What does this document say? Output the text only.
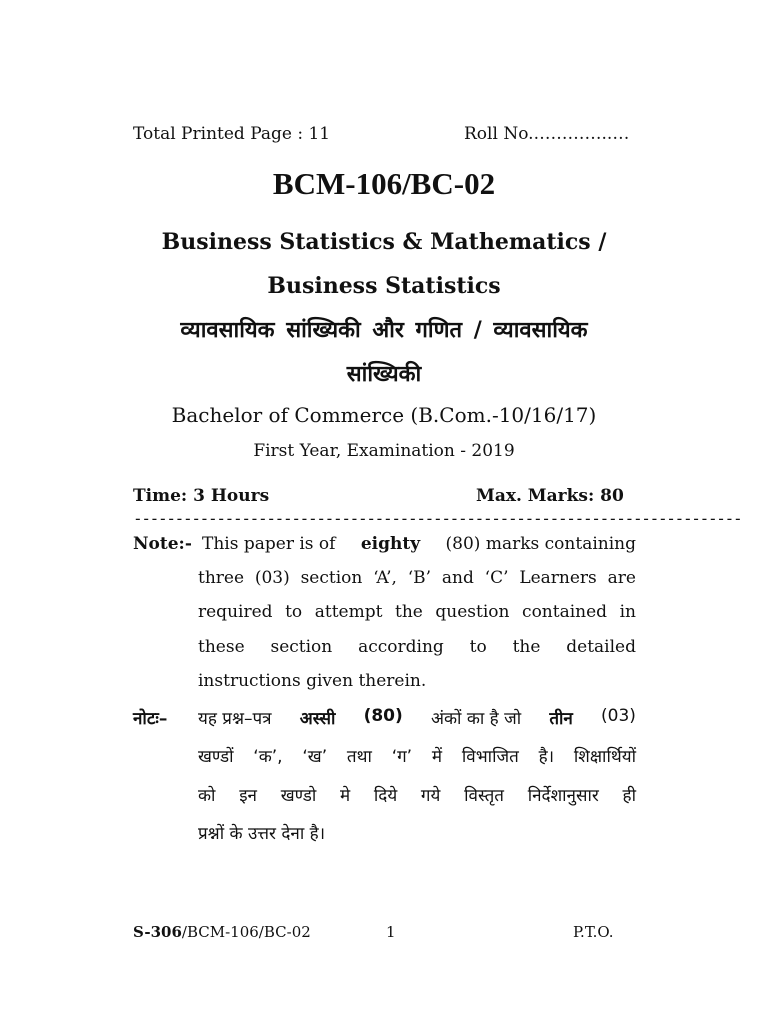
Total Printed Page : 11	Roll No.…………..…
BCM-106/BC-02
Business Statistics & Mathematics /
Business Statistics
व्यावसायिक सांख्यिकी और गणित / व्यावसायिक
सांख्यिकी
Bachelor of Commerce (B.Com.-10/16/17)
First Year, Examination - 2019
Time: 3 Hours	Max. Marks: 80
-------------------------------------------------------------------------
Note:- This paper is of eighty (80) marks containing
three (03) section ‘A’, ‘B’ and ‘C’ Learners are
required to attempt the question contained in
these section according to the detailed
instructions given therein.
नोटः– यह प्रश्न–पत्र अस्सी (80) अंकों का है जो तीन (03)
खण्डों ‘क’, ‘ख’ तथा ‘ग’ में विभाजित है। शिक्षार्थियों
को इन खण्डो मे दिये गये विस्तृत निर्देशानुसार ही
प्रश्नों के उत्तर देना है।
S-306/BCM-106/BC-02	1	P.T.O.
